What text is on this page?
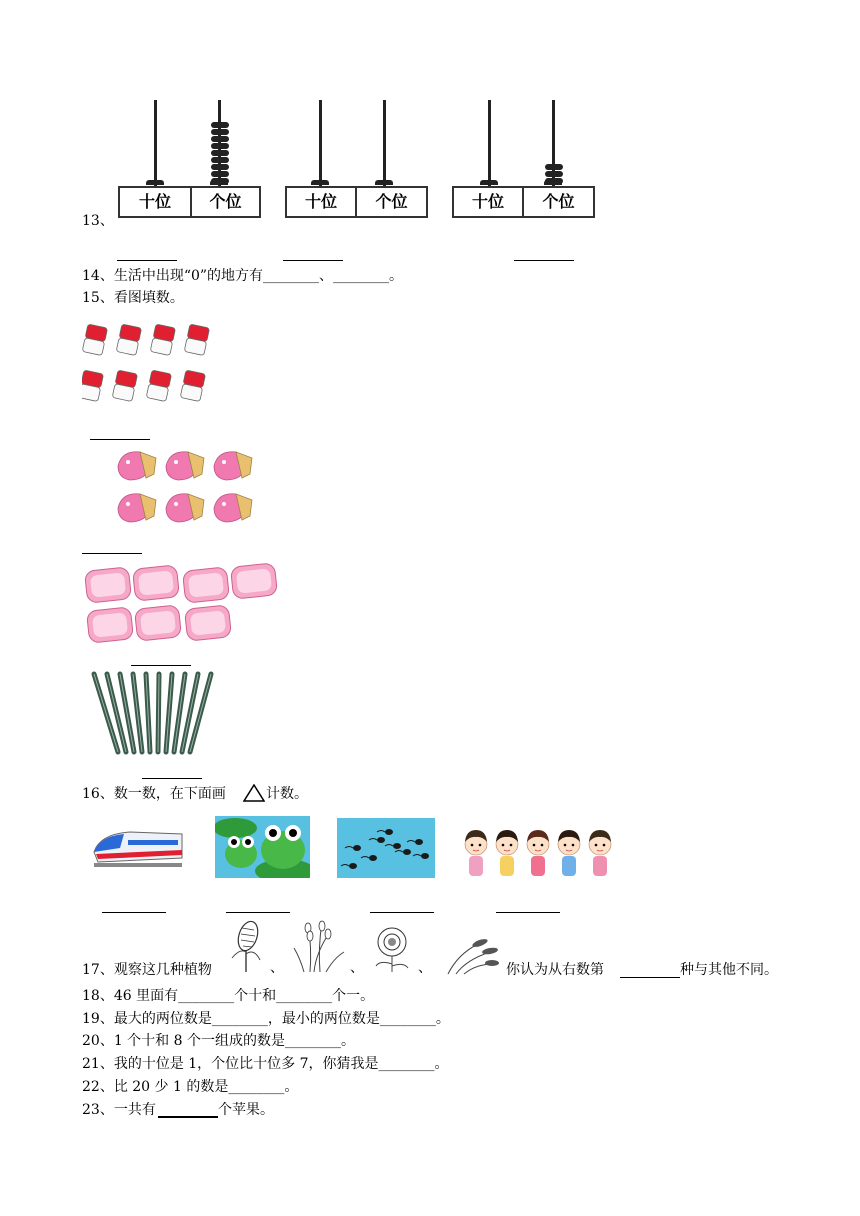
十位	个位	十位	个位	十位	个位
13、
14、生活中出现“0”的地方有________、________。
15、看图填数。
16、数一数，在下面画	计数。
、	、	、
17、观察这几种植物	你认为从右数第	种与其他不同。
18、46 里面有________个十和________个一。
19、最大的两位数是________，最小的两位数是________。
20、1 个十和 8 个一组成的数是________。
21、我的十位是 1，个位比十位多 7，你猜我是________。
22、比 20 少 1 的数是________。
23、一共有	个苹果。
